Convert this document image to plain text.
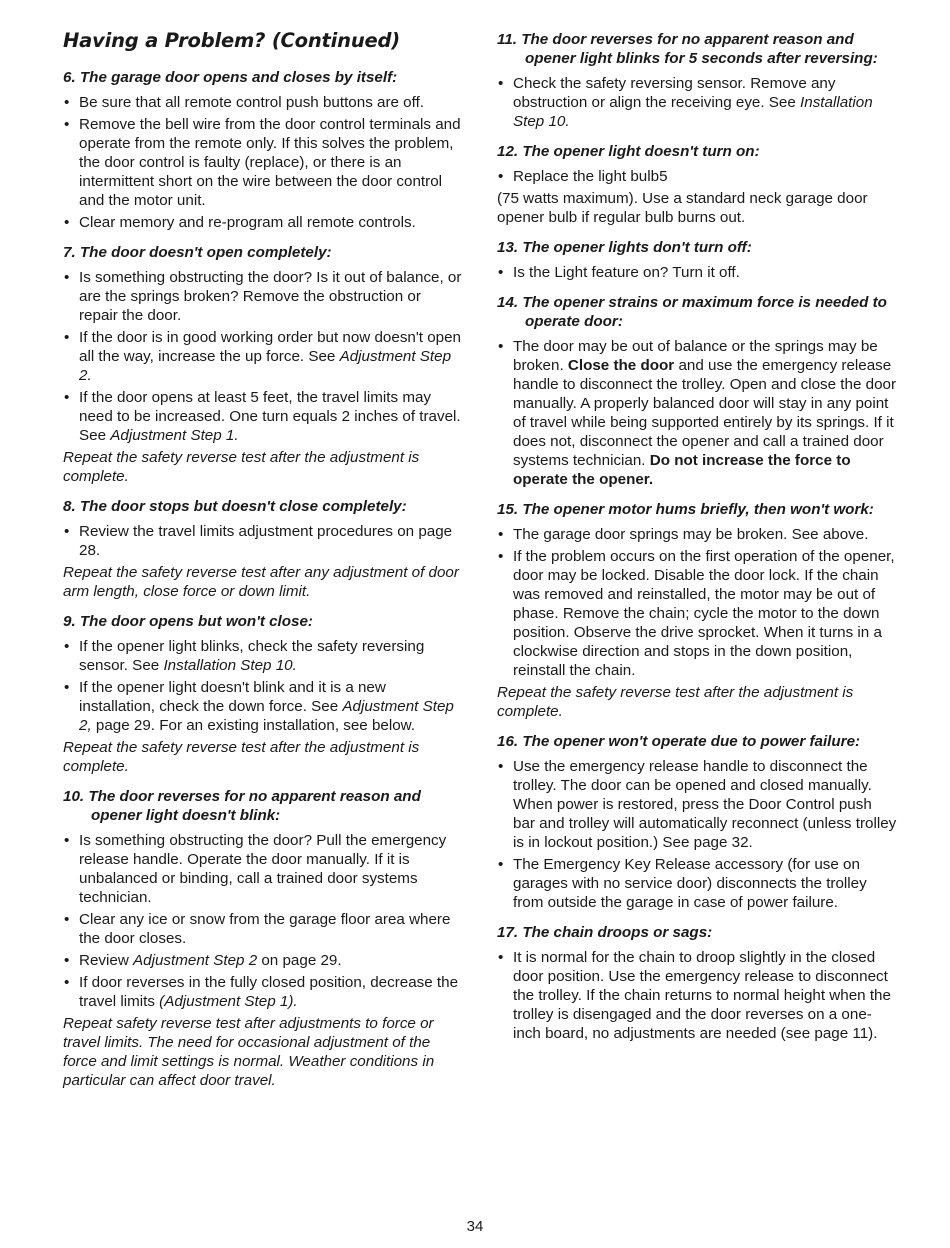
Having a Problem? (Continued)

6. The garage door opens and closes by itself:

• Be sure that all remote control push buttons are off.
• Remove the bell wire from the door control terminals and operate from the remote only. If this solves the problem, the door control is faulty (replace), or there is an intermittent short on the wire between the door control and the motor unit.
• Clear memory and re-program all remote controls.

7. The door doesn't open completely:

• Is something obstructing the door? Is it out of balance, or are the springs broken? Remove the obstruction or repair the door.
• If the door is in good working order but now doesn't open all the way, increase the up force. See Adjustment Step 2.
• If the door opens at least 5 feet, the travel limits may need to be increased. One turn equals 2 inches of travel. See Adjustment Step 1.

Repeat the safety reverse test after the adjustment is complete.

8. The door stops but doesn't close completely:

• Review the travel limits adjustment procedures on page 28.

Repeat the safety reverse test after any adjustment of door arm length, close force or down limit.

9. The door opens but won't close:

• If the opener light blinks, check the safety reversing sensor. See Installation Step 10.
• If the opener light doesn't blink and it is a new installation, check the down force. See Adjustment Step 2, page 29. For an existing installation, see below.

Repeat the safety reverse test after the adjustment is complete.

10. The door reverses for no apparent reason and opener light doesn't blink:

• Is something obstructing the door? Pull the emergency release handle. Operate the door manually. If it is unbalanced or binding, call a trained door systems technician.
• Clear any ice or snow from the garage floor area where the door closes.
• Review Adjustment Step 2 on page 29.
• If door reverses in the fully closed position, decrease the travel limits (Adjustment Step 1).

Repeat safety reverse test after adjustments to force or travel limits. The need for occasional adjustment of the force and limit settings is normal. Weather conditions in particular can affect door travel.

11. The door reverses for no apparent reason and opener light blinks for 5 seconds after reversing:

• Check the safety reversing sensor. Remove any obstruction or align the receiving eye. See Installation Step 10.

12. The opener light doesn't turn on:

• Replace the light bulb5

(75 watts maximum). Use a standard neck garage door opener bulb if regular bulb burns out.

13. The opener lights don't turn off:

• Is the Light feature on? Turn it off.

14. The opener strains or maximum force is needed to operate door:

• The door may be out of balance or the springs may be broken. Close the door and use the emergency release handle to disconnect the trolley. Open and close the door manually. A properly balanced door will stay in any point of travel while being supported entirely by its springs. If it does not, disconnect the opener and call a trained door systems technician. Do not increase the force to operate the opener.

15. The opener motor hums briefly, then won't work:

• The garage door springs may be broken. See above.
• If the problem occurs on the first operation of the opener, door may be locked. Disable the door lock. If the chain was removed and reinstalled, the motor may be out of phase. Remove the chain; cycle the motor to the down position. Observe the drive sprocket. When it turns in a clockwise direction and stops in the down position, reinstall the chain.

Repeat the safety reverse test after the adjustment is complete.

16. The opener won't operate due to power failure:

• Use the emergency release handle to disconnect the trolley. The door can be opened and closed manually. When power is restored, press the Door Control push bar and trolley will automatically reconnect (unless trolley is in lockout position.) See page 32.
• The Emergency Key Release accessory (for use on garages with no service door) disconnects the trolley from outside the garage in case of power failure.

17. The chain droops or sags:

• It is normal for the chain to droop slightly in the closed door position. Use the emergency release to disconnect the trolley. If the chain returns to normal height when the trolley is disengaged and the door reverses on a one-inch board, no adjustments are needed (see page 11).
34
